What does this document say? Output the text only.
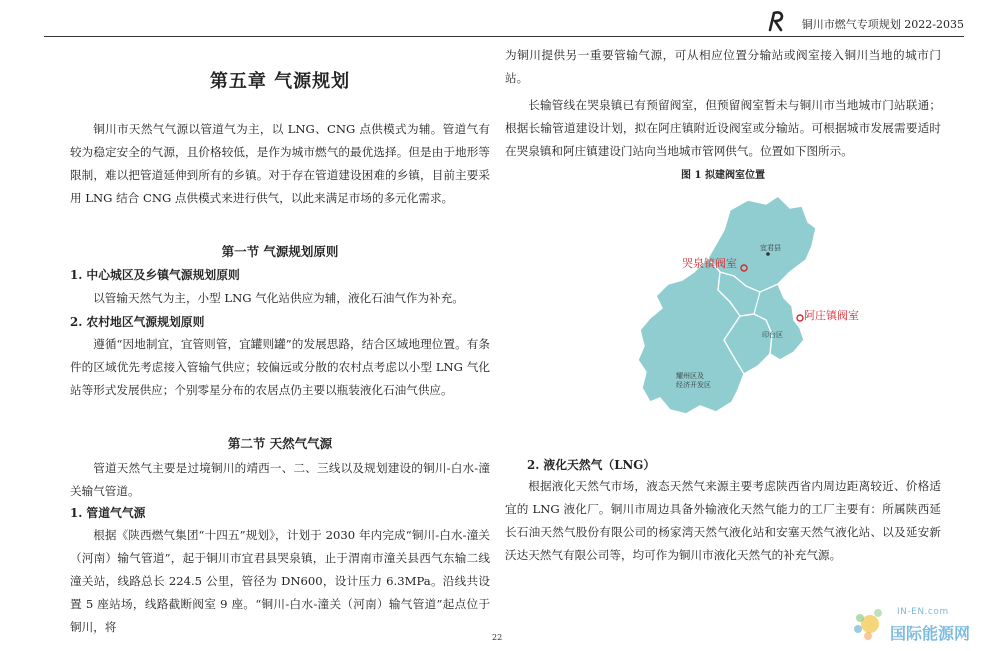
铜川市燃气专项规划 2022-2035
第五章 气源规划

铜川市天然气气源以管道气为主，以 LNG、CNG 点供模式为辅。管道气有较为稳定安全的气源，且价格较低，是作为城市燃气的最优选择。但是由于地形等限制，难以把管道延伸到所有的乡镇。对于存在管道建设困难的乡镇，目前主要采用 LNG 结合 CNG 点供模式来进行供气，以此来满足市场的多元化需求。

第一节 气源规划原则
1. 中心城区及乡镇气源规划原则

以管输天然气为主，小型 LNG 气化站供应为辅，液化石油气作为补充。

2. 农村地区气源规划原则

遵循“因地制宜，宜管则管，宜罐则罐”的发展思路，结合区域地理位置。有条件的区域优先考虑接入管输气供应；较偏远或分散的农村点考虑以小型 LNG 气化站等形式发展供应；个别零星分布的农居点仍主要以瓶装液化石油气供应。

第二节 天然气气源

管道天然气主要是过境铜川的靖西一、二、三线以及规划建设的铜川-白水-潼关输气管道。

1. 管道气气源

根据《陕西燃气集团“十四五”规划》，计划于 2030 年内完成“铜川-白水-潼关（河南）输气管道”，起于铜川市宜君县哭泉镇，止于渭南市潼关县西气东输二线潼关站，线路总长 224.5 公里，管径为 DN600，设计压力 6.3MPa。沿线共设置 5 座站场，线路截断阀室 9 座。“铜川-白水-潼关（河南）输气管道”起点位于铜川，将

为铜川提供另一重要管输气源，可从相应位置分输站或阀室接入铜川当地的城市门站。

长输管线在哭泉镇已有预留阀室，但预留阀室暂未与铜川市当地城市门站联通；根据长输管道建设计划，拟在阿庄镇附近设阀室或分输站。可根据城市发展需要适时在哭泉镇和阿庄镇建设门站向当地城市管网供气。位置如下图所示。

图 1 拟建阀室位置
2. 液化天然气（LNG）

根据液化天然气市场，液态天然气来源主要考虑陕西省内周边距离较近、价格适宜的 LNG 液化厂。铜川市周边具备外输液化天然气能力的工厂主要有：所属陕西延长石油天然气股份有限公司的杨家湾天然气液化站和安塞天然气液化站、以及延安新沃达天然气有限公司等，均可作为铜川市液化天然气的补充气源。

哭泉镇阀室
阿庄镇阀室
宜君县
印台区
耀州区及
经济开发区
22
IN-EN.com
国际能源网
